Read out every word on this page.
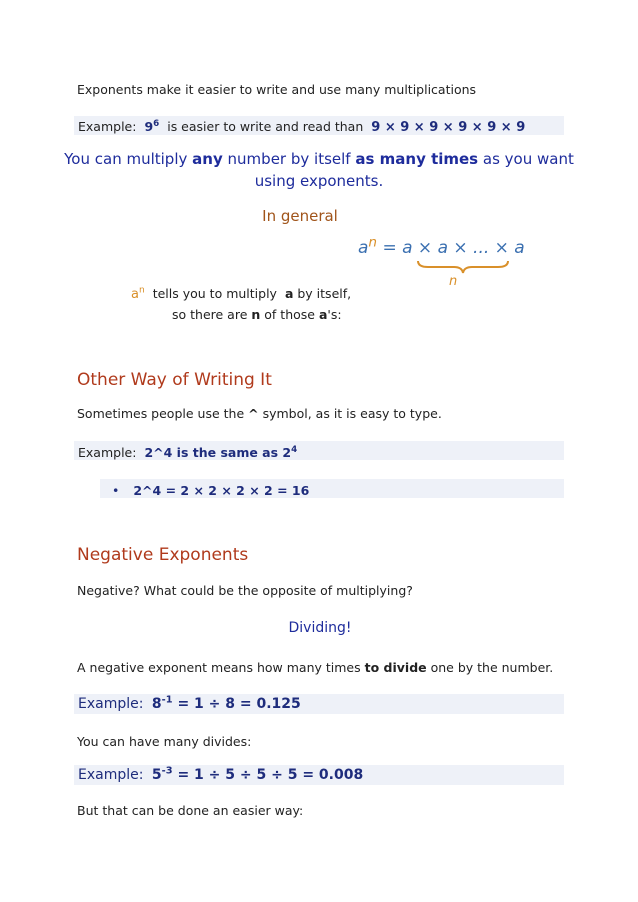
Exponents make it easier to write and use many multiplications
Example: $9^6$ is easier to write and read than 9 × 9 × 9 × 9 × 9 × 9
You can multiply any number by itself as many times as you want
using exponents.
In general
$a^n = a \times a$ × ... × a
n
$a^n$ tells you to multiply a by itself,
so there are n of those a's:
Other Way of Writing It
Sometimes people use the ^ symbol, as it is easy to type.
Example: 2^4 is the same as $2^4$
• 2^4 = 2 × 2 × 2 × 2 = 16
Negative Exponents
Negative? What could be the opposite of multiplying?
Dividing!
A negative exponent means how many times to divide one by the number.
Example: $8^{-1} = 1 \div 8 = 0.125$
You can have many divides:
Example: $5^{-3} = 1 \div 5 \div 5 \div 5 = 0.008$
But that can be done an easier way:
